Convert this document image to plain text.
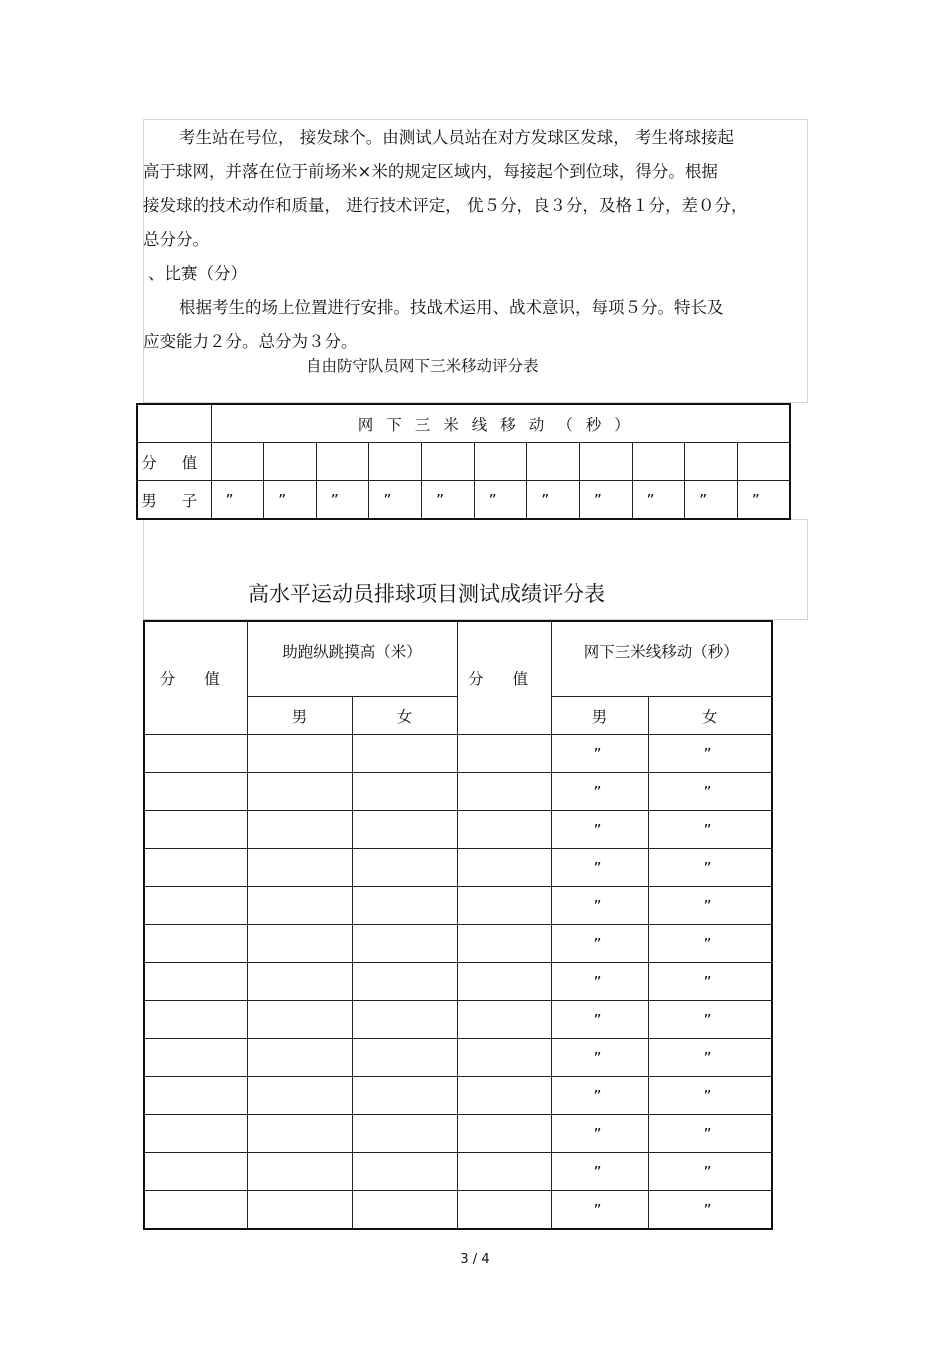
考生站在号位， 接发球个。由测试人员站在对方发球区发球， 考生将球接起
高于球网，并落在位于前场米×米的规定区域内，每接起个到位球，得分。根据
接发球的技术动作和质量， 进行技术评定， 优５分，良３分，及格１分，差０分，
总分分。
、比赛（分）
根据考生的场上位置进行安排。技战术运用、战术意识，每项５分。特长及
应变能力２分。总分为３分。
自由防守队员网下三米移动评分表
	网下三米线移动（秒）										
分 值											
男 子	”	”	”	”	”	”	”	”	”	”	”
高水平运动员排球项目测试成绩评分表
分 值	助跑纵跳摸高（米）		分 值	网下三米线移动（秒）	
	男	女		男	女
				”	”
				”	”
				”	”
				”	”
				”	”
				”	”
				”	”
				”	”
				”	”
				”	”
				”	”
				”	”
				”	”
3 / 4
